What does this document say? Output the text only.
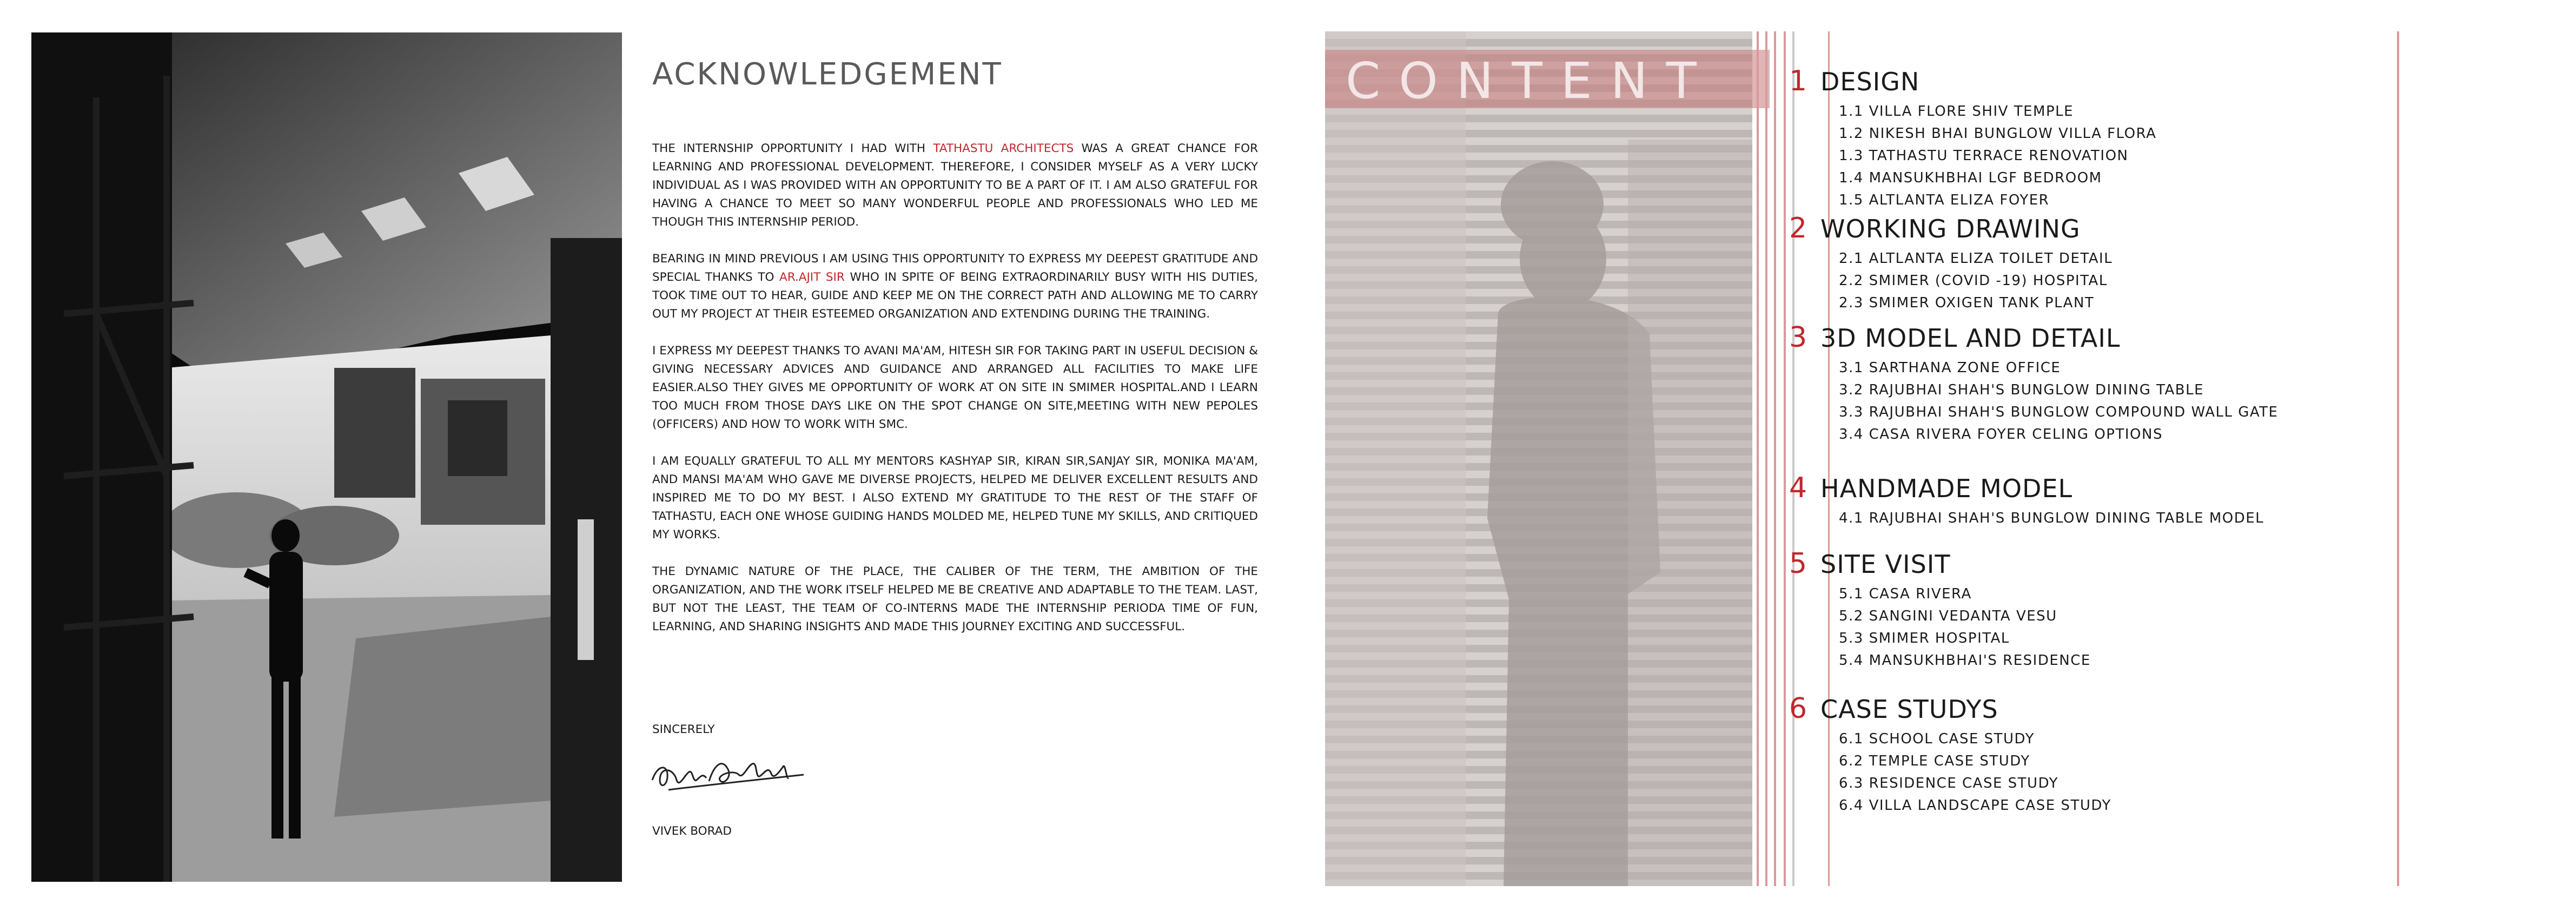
ACKNOWLEDGEMENT

THE INTERNSHIP OPPORTUNITY I HAD WITH TATHASTU ARCHITECTS WAS A GREAT CHANCE FOR LEARNING AND PROFESSIONAL DEVELOPMENT. THEREFORE, I CONSIDER MYSELF AS A VERY LUCKY INDIVIDUAL AS I WAS PROVIDED WITH AN OPPORTUNITY TO BE A PART OF IT. I AM ALSO GRATEFUL FOR HAVING A CHANCE TO MEET SO MANY WONDERFUL PEOPLE AND PROFESSIONALS WHO LED ME THOUGH THIS INTERNSHIP PERIOD.

BEARING IN MIND PREVIOUS I AM USING THIS OPPORTUNITY TO EXPRESS MY DEEPEST GRATITUDE AND SPECIAL THANKS TO AR.AJIT SIR WHO IN SPITE OF BEING EXTRAORDINARILY BUSY WITH HIS DUTIES, TOOK TIME OUT TO HEAR, GUIDE AND KEEP ME ON THE CORRECT PATH AND ALLOWING ME TO CARRY OUT MY PROJECT AT THEIR ESTEEMED ORGANIZATION AND EXTENDING DURING THE TRAINING.

I EXPRESS MY DEEPEST THANKS TO AVANI MA'AM, HITESH SIR FOR TAKING PART IN USEFUL DECISION & GIVING NECESSARY ADVICES AND GUIDANCE AND ARRANGED ALL FACILITIES TO MAKE LIFE EASIER.ALSO THEY GIVES ME OPPORTUNITY OF WORK AT ON SITE IN SMIMER HOSPITAL.AND I LEARN TOO MUCH FROM THOSE DAYS LIKE ON THE SPOT CHANGE ON SITE,MEETING WITH NEW PEPOLES (OFFICERS) AND HOW TO WORK WITH SMC.

I AM EQUALLY GRATEFUL TO ALL MY MENTORS KASHYAP SIR, KIRAN SIR,SANJAY SIR, MONIKA MA'AM, AND MANSI MA'AM WHO GAVE ME DIVERSE PROJECTS, HELPED ME DELIVER EXCELLENT RESULTS AND INSPIRED ME TO DO MY BEST. I ALSO EXTEND MY GRATITUDE TO THE REST OF THE STAFF OF TATHASTU, EACH ONE WHOSE GUIDING HANDS MOLDED ME, HELPED TUNE MY SKILLS, AND CRITIQUED MY WORKS.

THE DYNAMIC NATURE OF THE PLACE, THE CALIBER OF THE TERM, THE AMBITION OF THE ORGANIZATION, AND THE WORK ITSELF HELPED ME BE CREATIVE AND ADAPTABLE TO THE TEAM. LAST, BUT NOT THE LEAST, THE TEAM OF CO-INTERNS MADE THE INTERNSHIP PERIODA TIME OF FUN, LEARNING, AND SHARING INSIGHTS AND MADE THIS JOURNEY EXCITING AND SUCCESSFUL.

SINCERELY
VIVEK BORAD
CONTENT	1 DESIGN
1.1 VILLA FLORE SHIV TEMPLE
1.2 NIKESH BHAI BUNGLOW VILLA FLORA
1.3 TATHASTU TERRACE RENOVATION
1.4 MANSUKHBHAI LGF BEDROOM
1.5 ALTLANTA ELIZA FOYER
2 WORKING DRAWING
2.1 ALTLANTA ELIZA TOILET DETAIL
2.2 SMIMER (COVID -19) HOSPITAL
2.3 SMIMER OXIGEN TANK PLANT
3 3D MODEL AND DETAIL
3.1 SARTHANA ZONE OFFICE
3.2 RAJUBHAI SHAH'S BUNGLOW DINING TABLE
3.3 RAJUBHAI SHAH'S BUNGLOW COMPOUND WALL GATE
3.4 CASA RIVERA FOYER CELING OPTIONS
4 HANDMADE MODEL
4.1 RAJUBHAI SHAH'S BUNGLOW DINING TABLE MODEL
5 SITE VISIT
5.1 CASA RIVERA
5.2 SANGINI VEDANTA VESU
5.3 SMIMER HOSPITAL
5.4 MANSUKHBHAI'S RESIDENCE
6 CASE STUDYS
6.1 SCHOOL CASE STUDY
6.2 TEMPLE CASE STUDY
6.3 RESIDENCE CASE STUDY
6.4 VILLA LANDSCAPE CASE STUDY
